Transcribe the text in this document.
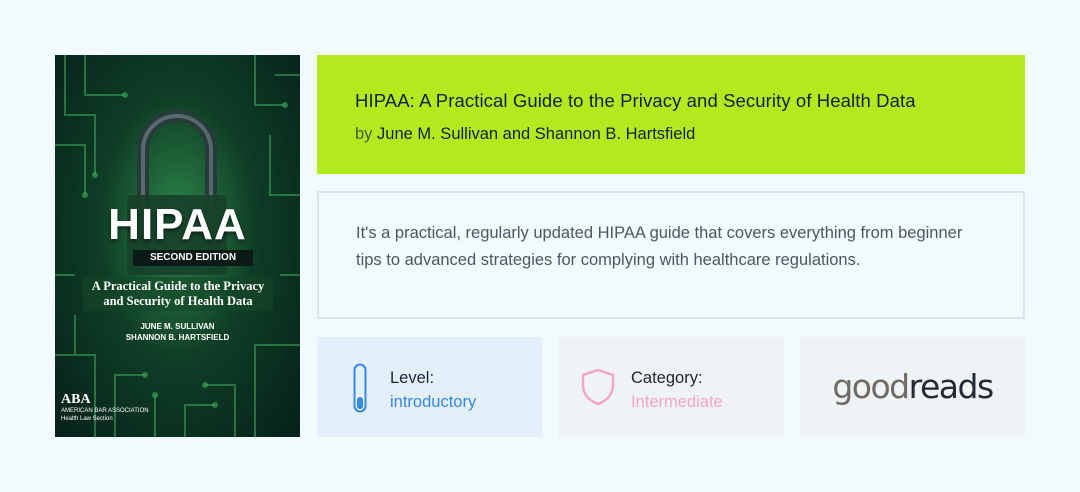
HIPAA
SECOND EDITION
A Practical Guide to the Privacy
and Security of Health Data
JUNE M. SULLIVAN
SHANNON B. HARTSFIELD
ABA
AMERICAN BAR ASSOCIATION
Health Law Section
HIPAA: A Practical Guide to the Privacy and Security of Health Data
by June M. Sullivan and Shannon B. Hartsfield
It's a practical, regularly updated HIPAA guide that covers everything from beginner tips to advanced strategies for complying with healthcare regulations.
Level:
introductory
Category:
Intermediate	goodreads
